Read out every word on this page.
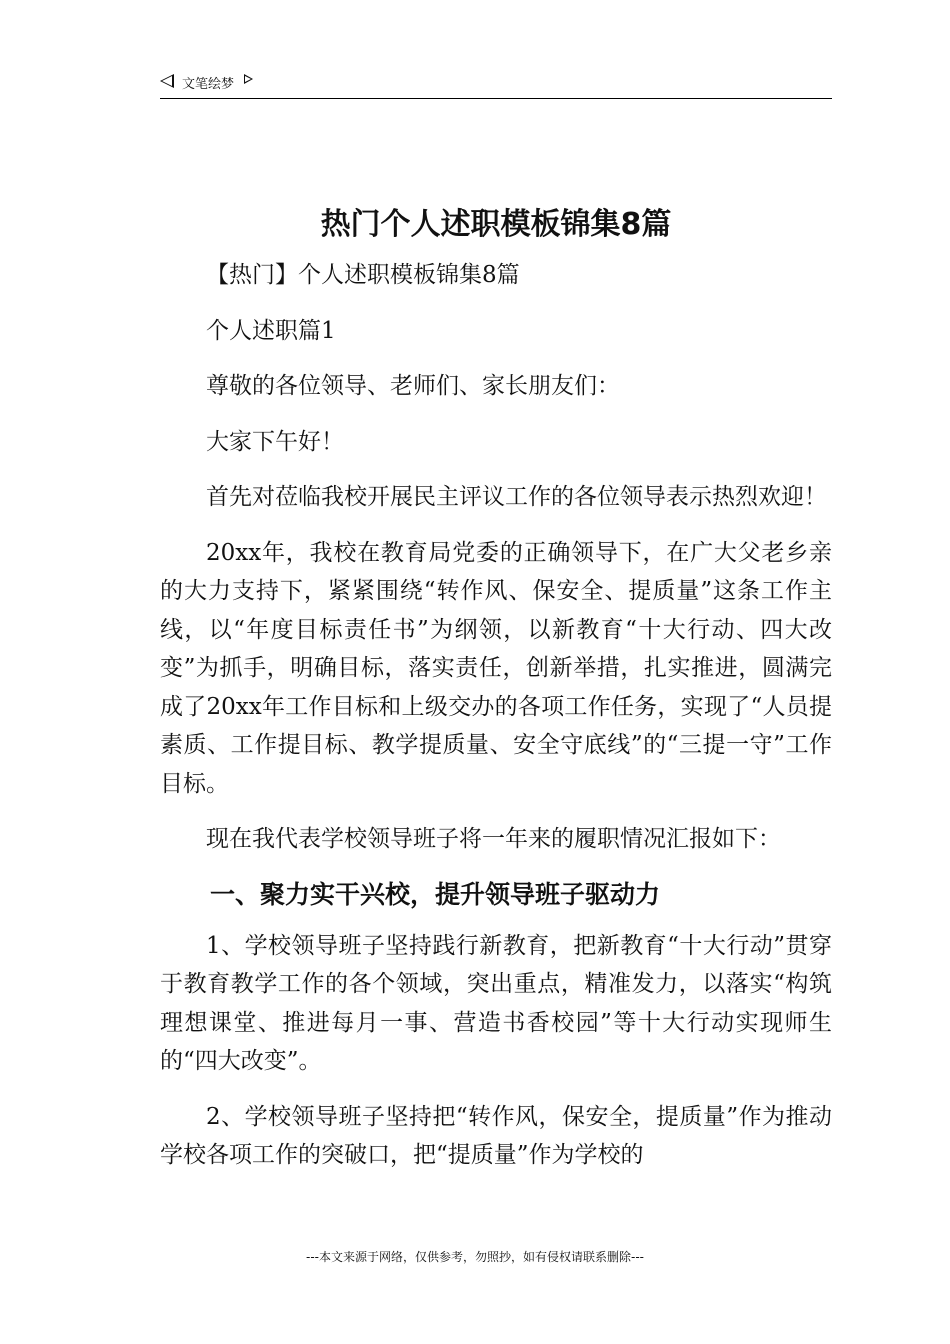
文笔绘梦
热门个人述职模板锦集8篇

【热门】个人述职模板锦集8篇

个人述职篇1

尊敬的各位领导、老师们、家长朋友们：

大家下午好！

首先对莅临我校开展民主评议工作的各位领导表示热烈欢迎！

20xx年，我校在教育局党委的正确领导下，在广大父老乡亲的大力支持下，紧紧围绕“转作风、保安全、提质量”这条工作主线，以“年度目标责任书”为纲领，以新教育“十大行动、四大改变”为抓手，明确目标，落实责任，创新举措，扎实推进，圆满完成了20xx年工作目标和上级交办的各项工作任务，实现了“人员提素质、工作提目标、教学提质量、安全守底线”的“三提一守”工作目标。

现在我代表学校领导班子将一年来的履职情况汇报如下：

一、聚力实干兴校，提升领导班子驱动力

1、学校领导班子坚持践行新教育，把新教育“十大行动”贯穿于教育教学工作的各个领域，突出重点，精准发力，以落实“构筑理想课堂、推进每月一事、营造书香校园”等十大行动实现师生的“四大改变”。

2、学校领导班子坚持把“转作风，保安全，提质量”作为推动学校各项工作的突破口，把“提质量”作为学校的

---本文来源于网络，仅供参考，勿照抄，如有侵权请联系删除---
